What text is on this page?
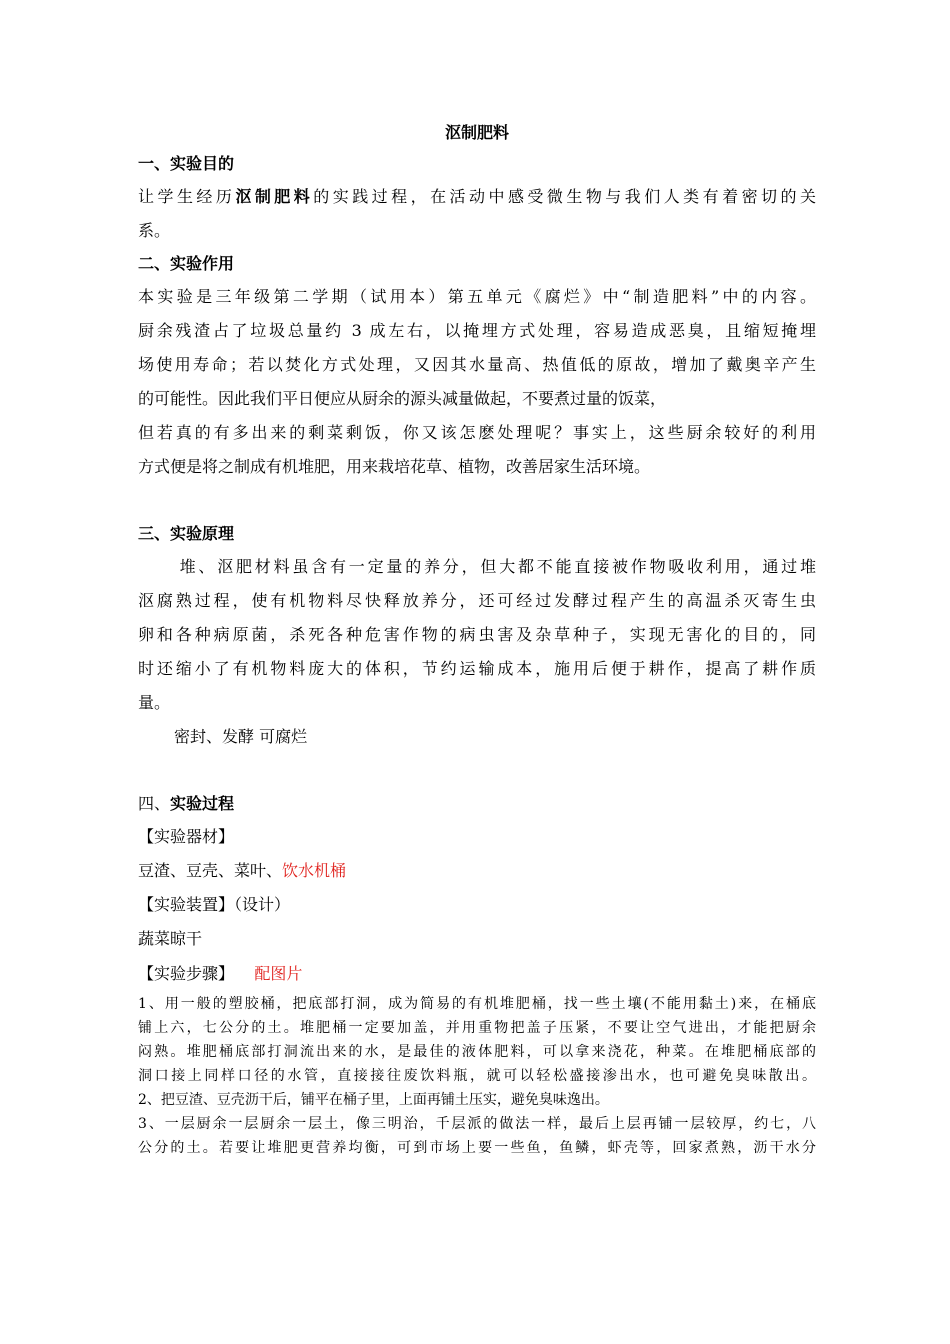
沤制肥料
一、实验目的

让学生经历沤制肥料的实践过程，在活动中感受微生物与我们人类有着密切的关

系。

二、实验作用

本实验是三年级第二学期（试用本）第五单元《腐烂》中“制造肥料”中的内容。

厨余残渣占了垃圾总量约 3 成左右，以掩埋方式处理，容易造成恶臭，且缩短掩埋

场使用寿命；若以焚化方式处理，又因其水量高、热值低的原故，增加了戴奥辛产生

的可能性。因此我们平日便应从厨余的源头减量做起，不要煮过量的饭菜，

但若真的有多出来的剩菜剩饭，你又该怎麽处理呢？事实上，这些厨余较好的利用

方式便是将之制成有机堆肥，用来栽培花草、植物，改善居家生活环境。

三、实验原理

堆、沤肥材料虽含有一定量的养分，但大都不能直接被作物吸收利用，通过堆

沤腐熟过程，使有机物料尽快释放养分，还可经过发酵过程产生的高温杀灭寄生虫

卵和各种病原菌，杀死各种危害作物的病虫害及杂草种子，实现无害化的目的，同

时还缩小了有机物料庞大的体积，节约运输成本，施用后便于耕作，提高了耕作质

量。

密封、发酵 可腐烂

四、实验过程

【实验器材】

豆渣、豆壳、菜叶、饮水机桶

【实验装置】（设计）

蔬菜晾干

【实验步骤】 配图片

1、用一般的塑胶桶，把底部打洞，成为简易的有机堆肥桶，找一些土壤(不能用黏土)来，在桶底

铺上六，七公分的土。堆肥桶一定要加盖，并用重物把盖子压紧，不要让空气进出，才能把厨余

闷熟。堆肥桶底部打洞流出来的水，是最佳的液体肥料，可以拿来浇花，种菜。在堆肥桶底部的

洞口接上同样口径的水管，直接接往废饮料瓶，就可以轻松盛接渗出水，也可避免臭味散出。

2、把豆渣、豆壳沥干后，铺平在桶子里，上面再铺土压实，避免臭味逸出。

3、一层厨余一层厨余一层土，像三明治，千层派的做法一样，最后上层再铺一层较厚，约七，八

公分的土。若要让堆肥更营养均衡，可到市场上要一些鱼，鱼鳞，虾壳等，回家煮熟，沥干水分
